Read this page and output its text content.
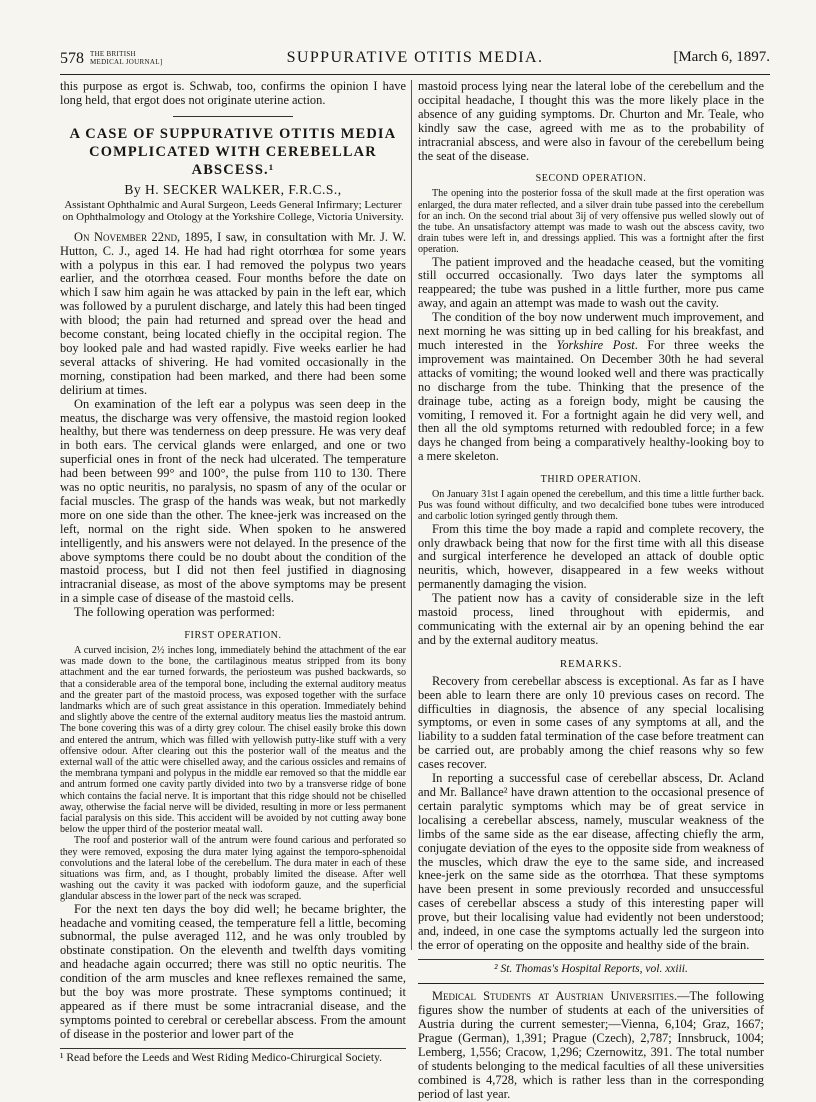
578 THE BRITISH
MEDICAL JOURNAL]	SUPPURATIVE OTITIS MEDIA.	[March 6, 1897.

this purpose as ergot is. Schwab, too, confirms the opinion I have long held, that ergot does not originate uterine action.

A CASE OF SUPPURATIVE OTITIS MEDIA COMPLICATED WITH CEREBELLAR ABSCESS.¹
By H. SECKER WALKER, F.R.C.S.,
Assistant Ophthalmic and Aural Surgeon, Leeds General Infirmary; Lecturer on Ophthalmology and Otology at the Yorkshire College, Victoria University.

On November 22nd, 1895, I saw, in consultation with Mr. J. W. Hutton, C. J., aged 14. He had had right otorrhœa for some years with a polypus in this ear. I had removed the polypus two years earlier, and the otorrhœa ceased. Four months before the date on which I saw him again he was attacked by pain in the left ear, which was followed by a purulent discharge, and lately this had been tinged with blood; the pain had returned and spread over the head and become constant, being located chiefly in the occipital region. The boy looked pale and had wasted rapidly. Five weeks earlier he had several attacks of shivering. He had vomited occasionally in the morning, constipation had been marked, and there had been some delirium at times.

On examination of the left ear a polypus was seen deep in the meatus, the discharge was very offensive, the mastoid region looked healthy, but there was tenderness on deep pressure. He was very deaf in both ears. The cervical glands were enlarged, and one or two superficial ones in front of the neck had ulcerated. The temperature had been between 99° and 100°, the pulse from 110 to 130. There was no optic neuritis, no paralysis, no spasm of any of the ocular or facial muscles. The grasp of the hands was weak, but not markedly more on one side than the other. The knee-jerk was increased on the left, normal on the right side. When spoken to he answered intelligently, and his answers were not delayed. In the presence of the above symptoms there could be no doubt about the condition of the mastoid process, but I did not then feel justified in diagnosing intracranial disease, as most of the above symptoms may be present in a simple case of disease of the mastoid cells.

The following operation was performed:

FIRST OPERATION.

A curved incision, 2½ inches long, immediately behind the attachment of the ear was made down to the bone, the cartilaginous meatus stripped from its bony attachment and the ear turned forwards, the periosteum was pushed backwards, so that a considerable area of the temporal bone, including the external auditory meatus and the greater part of the mastoid process, was exposed together with the surface landmarks which are of such great assistance in this operation. Immediately behind and slightly above the centre of the external auditory meatus lies the mastoid antrum. The bone covering this was of a dirty grey colour. The chisel easily broke this down and entered the antrum, which was filled with yellowish putty-like stuff with a very offensive odour. After clearing out this the posterior wall of the meatus and the external wall of the attic were chiselled away, and the carious ossicles and remains of the membrana tympani and polypus in the middle ear removed so that the middle ear and antrum formed one cavity partly divided into two by a transverse ridge of bone which contains the facial nerve. It is important that this ridge should not be chiselled away, otherwise the facial nerve will be divided, resulting in more or less permanent facial paralysis on this side. This accident will be avoided by not cutting away bone below the upper third of the posterior meatal wall.

The roof and posterior wall of the antrum were found carious and perforated so they were removed, exposing the dura mater lying against the temporo-sphenoidal convolutions and the lateral lobe of the cerebellum. The dura mater in each of these situations was firm, and, as I thought, probably limited the disease. After well washing out the cavity it was packed with iodoform gauze, and the superficial glandular abscess in the lower part of the neck was scraped.

For the next ten days the boy did well; he became brighter, the headache and vomiting ceased, the temperature fell a little, becoming subnormal, the pulse averaged 112, and he was only troubled by obstinate constipation. On the eleventh and twelfth days vomiting and headache again occurred; there was still no optic neuritis. The condition of the arm muscles and knee reflexes remained the same, but the boy was more prostrate. These symptoms continued; it appeared as if there must be some intracranial disease, and the symptoms pointed to cerebral or cerebellar abscess. From the amount of disease in the posterior and lower part of the

¹ Read before the Leeds and West Riding Medico-Chirurgical Society.

mastoid process lying near the lateral lobe of the cerebellum and the occipital headache, I thought this was the more likely place in the absence of any guiding symptoms. Dr. Churton and Mr. Teale, who kindly saw the case, agreed with me as to the probability of intracranial abscess, and were also in favour of the cerebellum being the seat of the disease.

SECOND OPERATION.

The opening into the posterior fossa of the skull made at the first operation was enlarged, the dura mater reflected, and a silver drain tube passed into the cerebellum for an inch. On the second trial about 3ij of very offensive pus welled slowly out of the tube. An unsatisfactory attempt was made to wash out the abscess cavity, two drain tubes were left in, and dressings applied. This was a fortnight after the first operation.

The patient improved and the headache ceased, but the vomiting still occurred occasionally. Two days later the symptoms all reappeared; the tube was pushed in a little further, more pus came away, and again an attempt was made to wash out the cavity.

The condition of the boy now underwent much improvement, and next morning he was sitting up in bed calling for his breakfast, and much interested in the Yorkshire Post. For three weeks the improvement was maintained. On December 30th he had several attacks of vomiting; the wound looked well and there was practically no discharge from the tube. Thinking that the presence of the drainage tube, acting as a foreign body, might be causing the vomiting, I removed it. For a fortnight again he did very well, and then all the old symptoms returned with redoubled force; in a few days he changed from being a comparatively healthy-looking boy to a mere skeleton.

THIRD OPERATION.

On January 31st I again opened the cerebellum, and this time a little further back. Pus was found without difficulty, and two decalcified bone tubes were introduced and carbolic lotion syringed gently through them.

From this time the boy made a rapid and complete recovery, the only drawback being that now for the first time with all this disease and surgical interference he developed an attack of double optic neuritis, which, however, disappeared in a few weeks without permanently damaging the vision.

The patient now has a cavity of considerable size in the left mastoid process, lined throughout with epidermis, and communicating with the external air by an opening behind the ear and by the external auditory meatus.

REMARKS.

Recovery from cerebellar abscess is exceptional. As far as I have been able to learn there are only 10 previous cases on record. The difficulties in diagnosis, the absence of any special localising symptoms, or even in some cases of any symptoms at all, and the liability to a sudden fatal termination of the case before treatment can be carried out, are probably among the chief reasons why so few cases recover.

In reporting a successful case of cerebellar abscess, Dr. Acland and Mr. Ballance² have drawn attention to the occasional presence of certain paralytic symptoms which may be of great service in localising a cerebellar abscess, namely, muscular weakness of the limbs of the same side as the ear disease, affecting chiefly the arm, conjugate deviation of the eyes to the opposite side from weakness of the muscles, which draw the eye to the same side, and increased knee-jerk on the same side as the otorrhœa. That these symptoms have been present in some previously recorded and unsuccessful cases of cerebellar abscess a study of this interesting paper will prove, but their localising value had evidently not been understood; and, indeed, in one case the symptoms actually led the surgeon into the error of operating on the opposite and healthy side of the brain.

² St. Thomas's Hospital Reports, vol. xxiii.

Medical Students at Austrian Universities.—The following figures show the number of students at each of the universities of Austria during the current semester;—Vienna, 6,104; Graz, 1667; Prague (German), 1,391; Prague (Czech), 2,787; Innsbruck, 1004; Lemberg, 1,556; Cracow, 1,296; Czernowitz, 391. The total number of students belonging to the medical faculties of all these universities combined is 4,728, which is rather less than in the corresponding period of last year.
